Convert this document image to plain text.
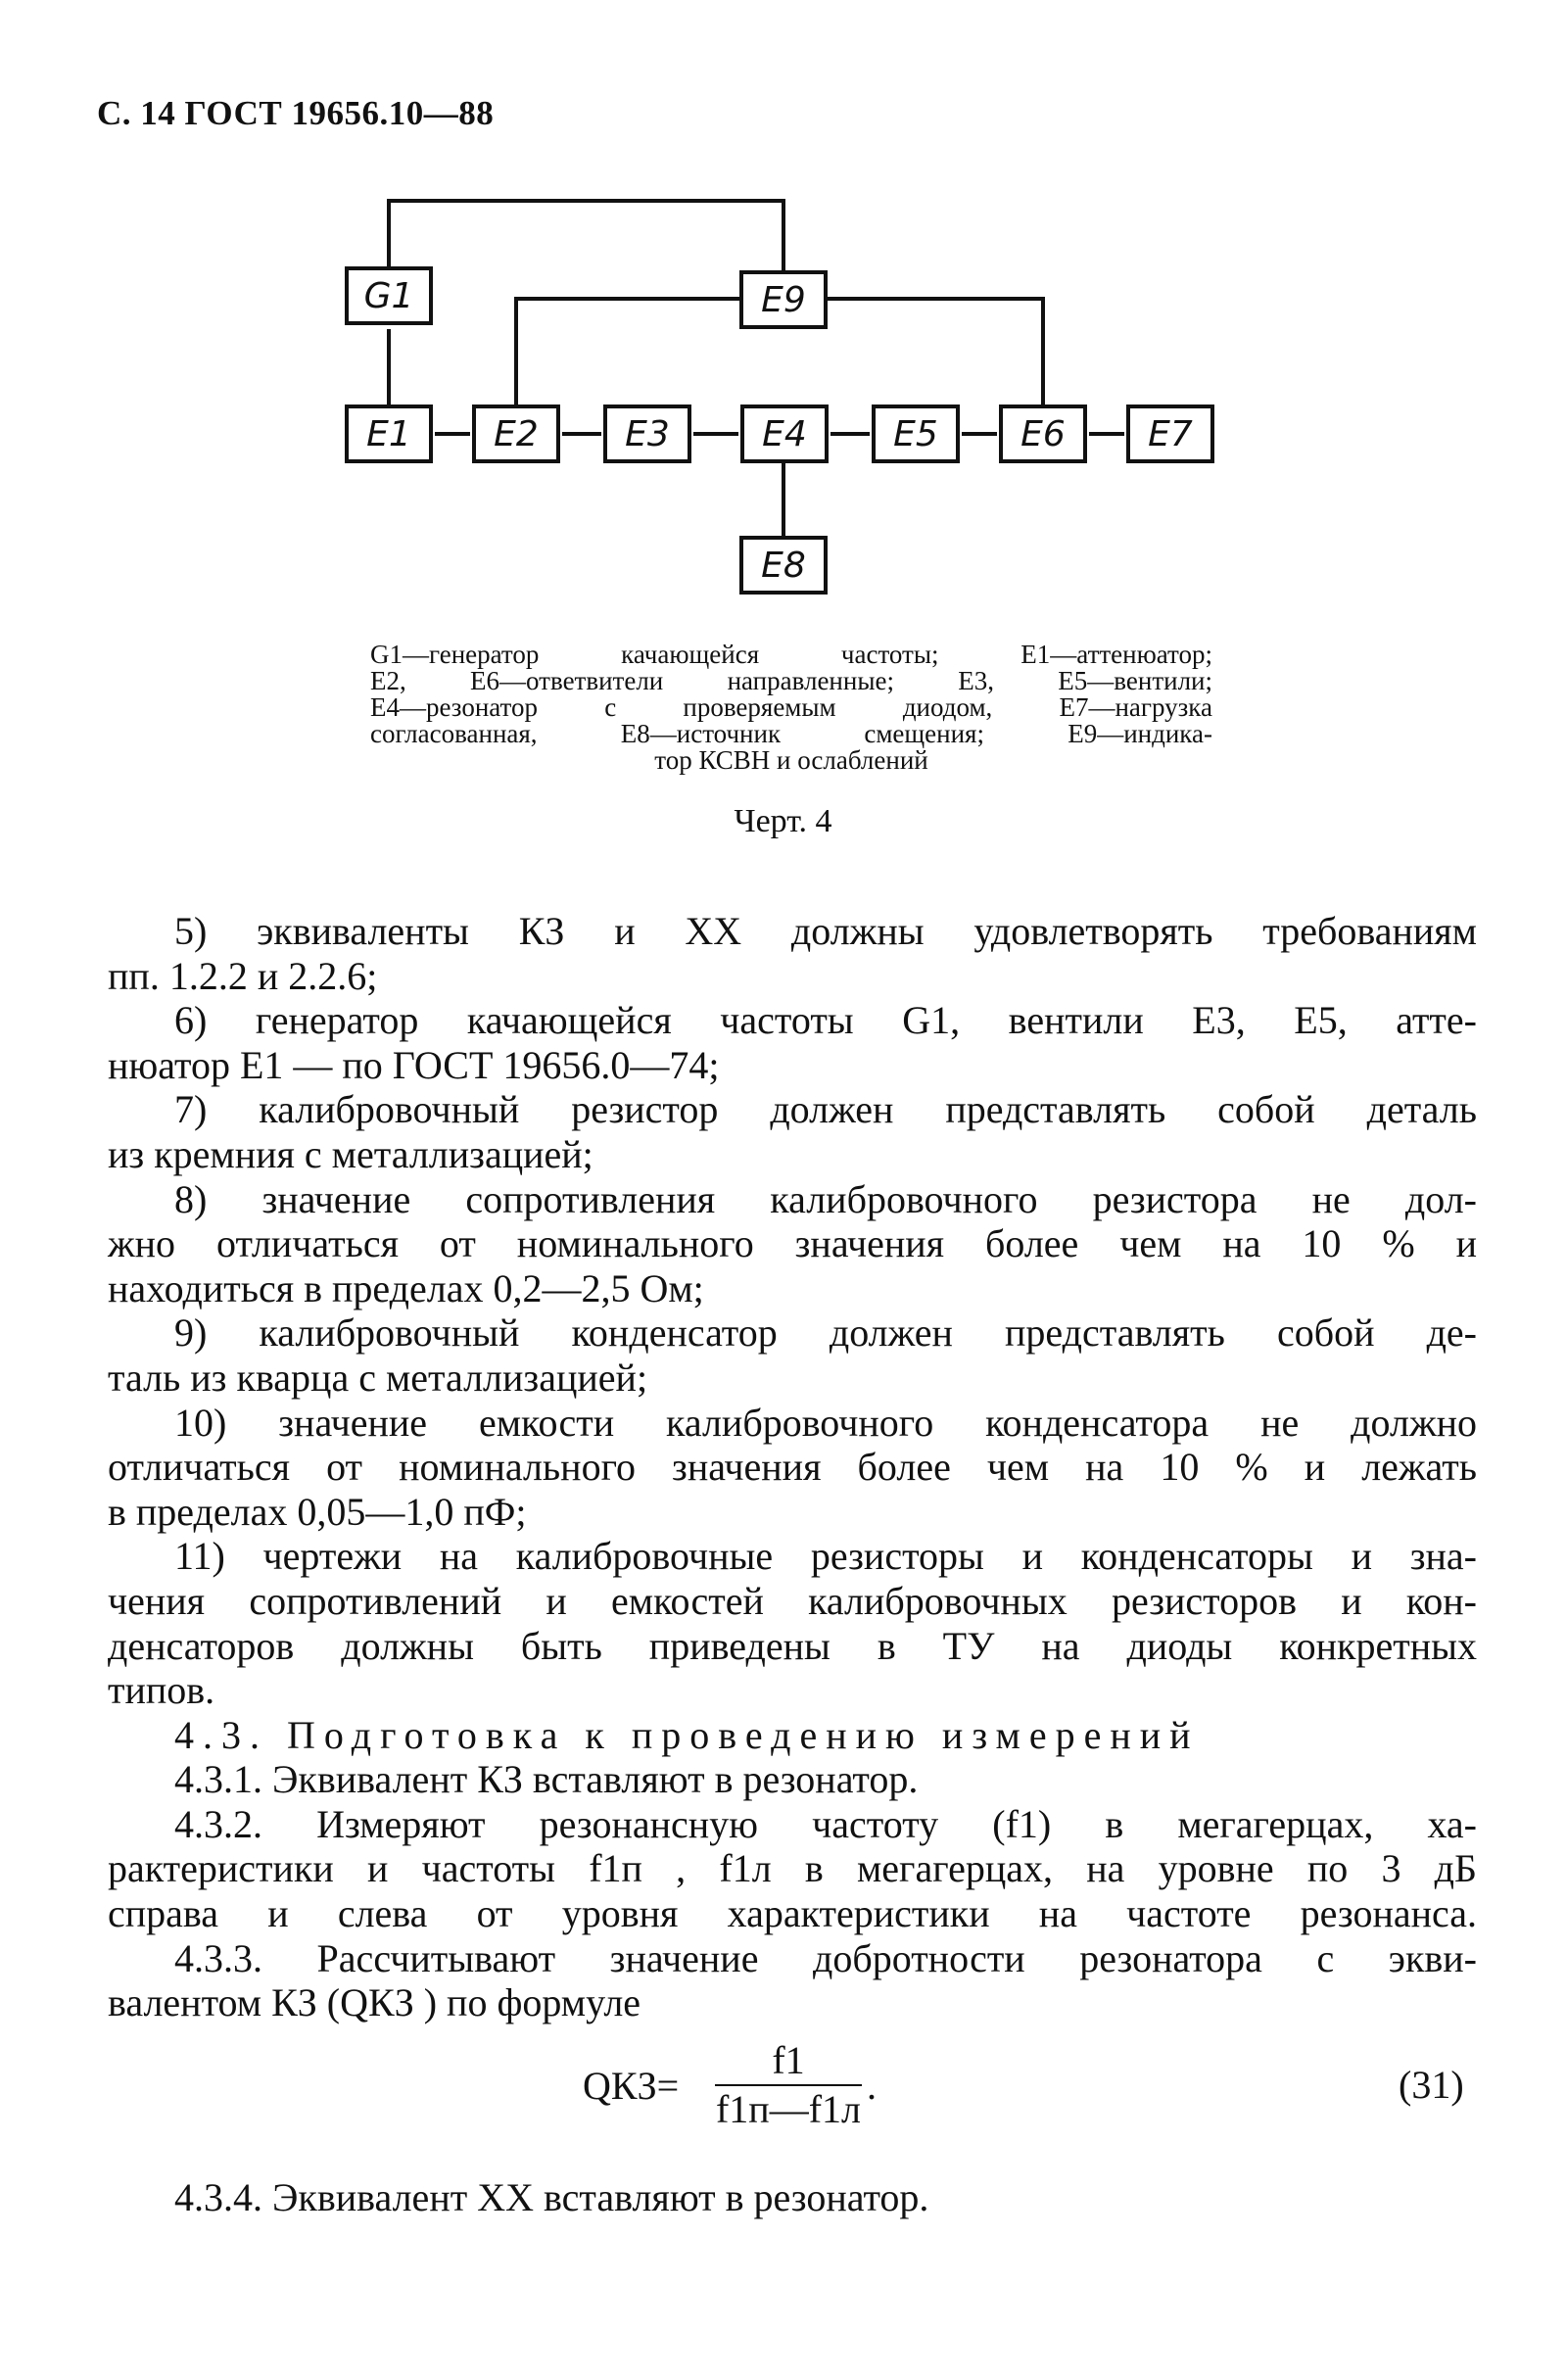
С. 14 ГОСТ 19656.10—88
G1	E9
E1	E2	E3	E4	E5	E6	E7
E8
G1—генератор качающейся частоты; E1—аттенюатор;
E2, E6—ответвители направленные; E3, E5—вентили;
E4—резонатор с проверяемым диодом, E7—нагрузка
согласованная, E8—источник смещения; E9—индика-
тор КСВН и ослаблений
Черт. 4
5) эквиваленты КЗ и ХХ должны удовлетворять требованиям
пп. 1.2.2 и 2.2.6;
6) генератор качающейся частоты G1, вентили E3, E5, атте-
нюатор E1 — по ГОСТ 19656.0—74;
7) калибровочный резистор должен представлять собой деталь
из кремния с металлизацией;
8) значение сопротивления калибровочного резистора не дол-
жно отличаться от номинального значения более чем на 10 % и
находиться в пределах 0,2—2,5 Ом;
9) калибровочный конденсатор должен представлять собой де-
таль из кварца с металлизацией;
10) значение емкости калибровочного конденсатора не должно
отличаться от номинального значения более чем на 10 % и лежать
в пределах 0,05—1,0 пФ;
11) чертежи на калибровочные резисторы и конденсаторы и зна-
чения сопротивлений и емкостей калибровочных резисторов и кон-
денсаторов должны быть приведены в ТУ на диоды конкретных
типов.
4.3. Подготовка к проведению измерений
4.3.1. Эквивалент КЗ вставляют в резонатор.
4.3.2. Измеряют резонансную частоту (f1) в мегагерцах, ха-
рактеристики и частоты f1п , f1л в мегагерцах, на уровне по 3 дБ
справа и слева от уровня характеристики на частоте резонанса.
4.3.3. Рассчитывают значение добротности резонатора с экви-
валентом КЗ (QКЗ ) по формуле
QКЗ=
f1
f1п—f1л
.	(31)
4.3.4. Эквивалент ХХ вставляют в резонатор.
